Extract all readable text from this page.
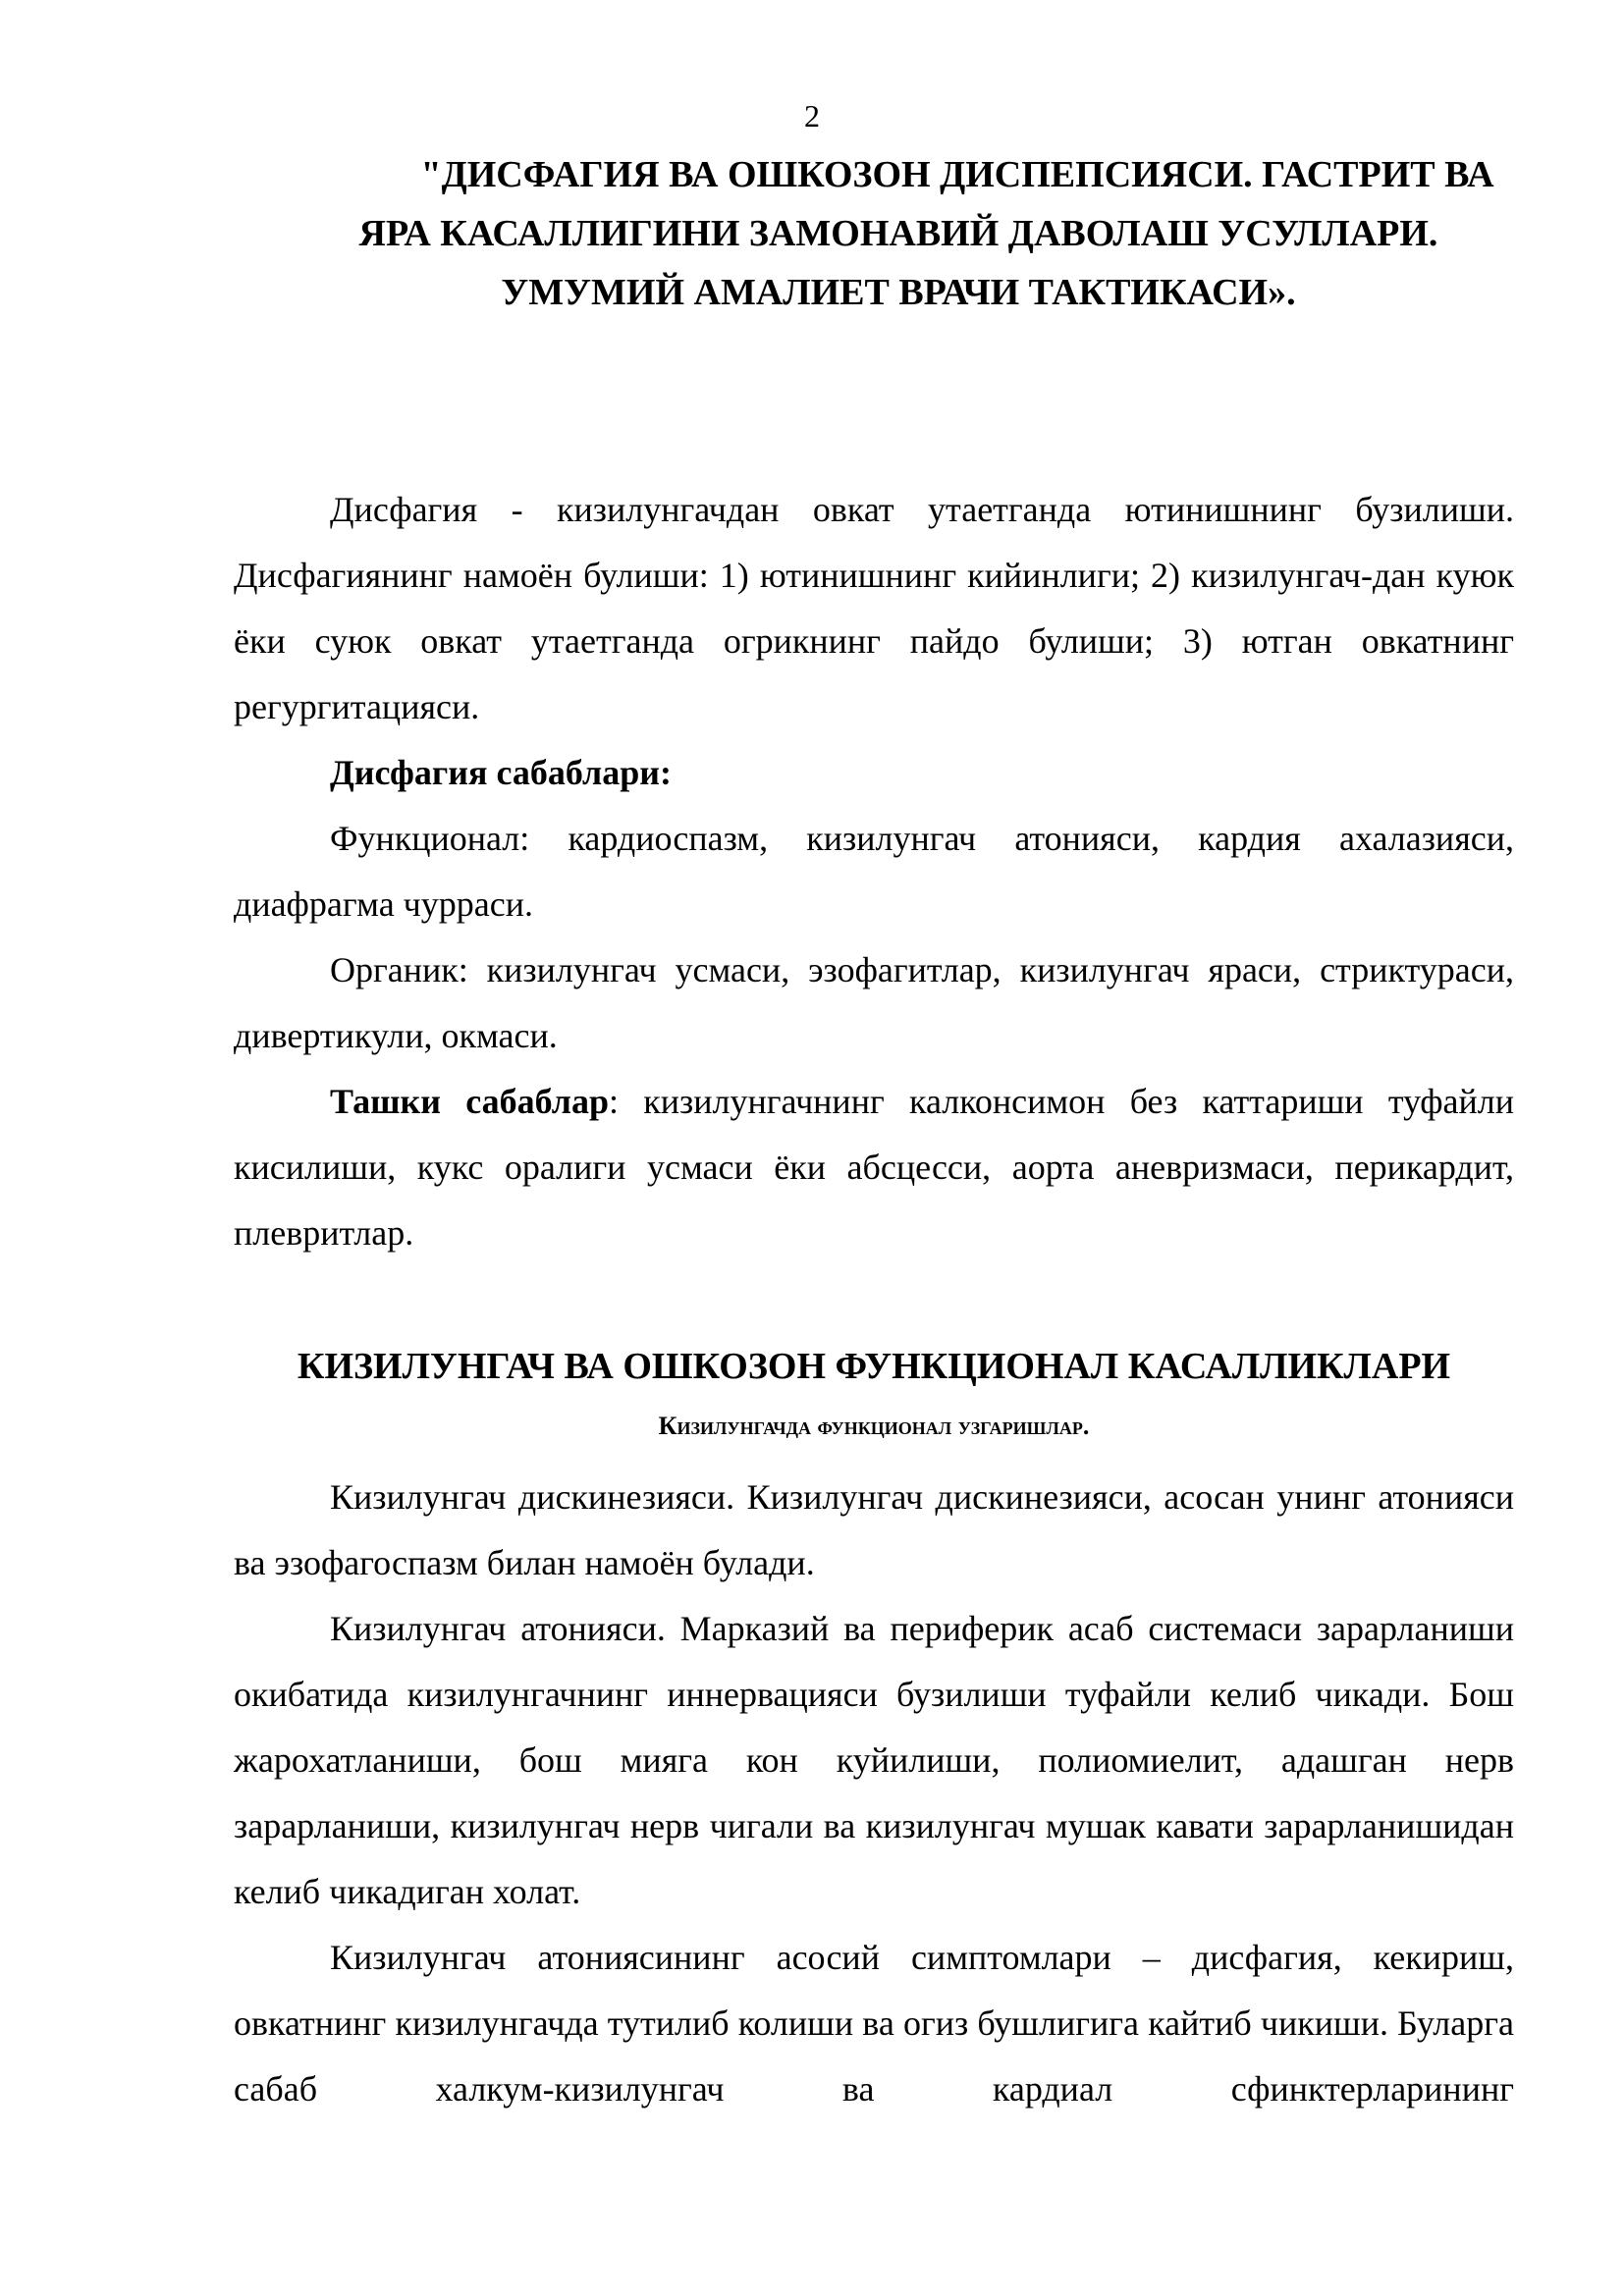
2
"ДИСФАГИЯ ВА ОШКОЗОН ДИСПЕПСИЯСИ. ГАСТРИТ ВА
ЯРА КАСАЛЛИГИНИ ЗАМОНАВИЙ ДАВОЛАШ УСУЛЛАРИ.
УМУМИЙ АМАЛИЕТ ВРАЧИ ТАКТИКАСИ».

Дисфагия - кизилунгачдан овкат утаетганда ютинишнинг бузилиши. Дисфагиянинг намоён булиши: 1) ютинишнинг кийинлиги; 2) кизилунгач-дан куюк ёки суюк овкат утаетганда огрикнинг пайдо булиши; 3) ютган овкатнинг регургитацияси.

Дисфагия сабаблари:

Функционал: кардиоспазм, кизилунгач атонияси, кардия ахалазияси, диафрагма чурраси.

Органик: кизилунгач усмаси, эзофагитлар, кизилунгач яраси, стриктураси, дивертикули, окмаси.

Ташки сабаблар: кизилунгачнинг калконсимон без каттариши туфайли кисилиши, кукс оралиги усмаси ёки абсцесси, аорта аневризмаси, перикардит, плевритлар.

КИЗИЛУНГАЧ ВА ОШКОЗОН ФУНКЦИОНАЛ КАСАЛЛИКЛАРИ
Кизилунгачда функционал узгаришлар.

Кизилунгач дискинезияси. Кизилунгач дискинезияси, асосан унинг атонияси ва эзофагоспазм билан намоён булади.

Кизилунгач атонияси. Марказий ва периферик асаб системаси зарарланиши окибатида кизилунгачнинг иннервацияси бузилиши туфайли келиб чикади. Бош жарохатланиши, бош мияга кон куйилиши, полиомиелит, адашган нерв зарарланиши, кизилунгач нерв чигали ва кизилунгач мушак кавати зарарланишидан келиб чикадиган холат.

Кизилунгач атониясининг асосий симптомлари – дисфагия, кекириш, овкатнинг кизилунгачда тутилиб колиши ва огиз бушлигига кайтиб чикиши. Буларга сабаб халкум-кизилунгач ва кардиал сфинктерларининг
